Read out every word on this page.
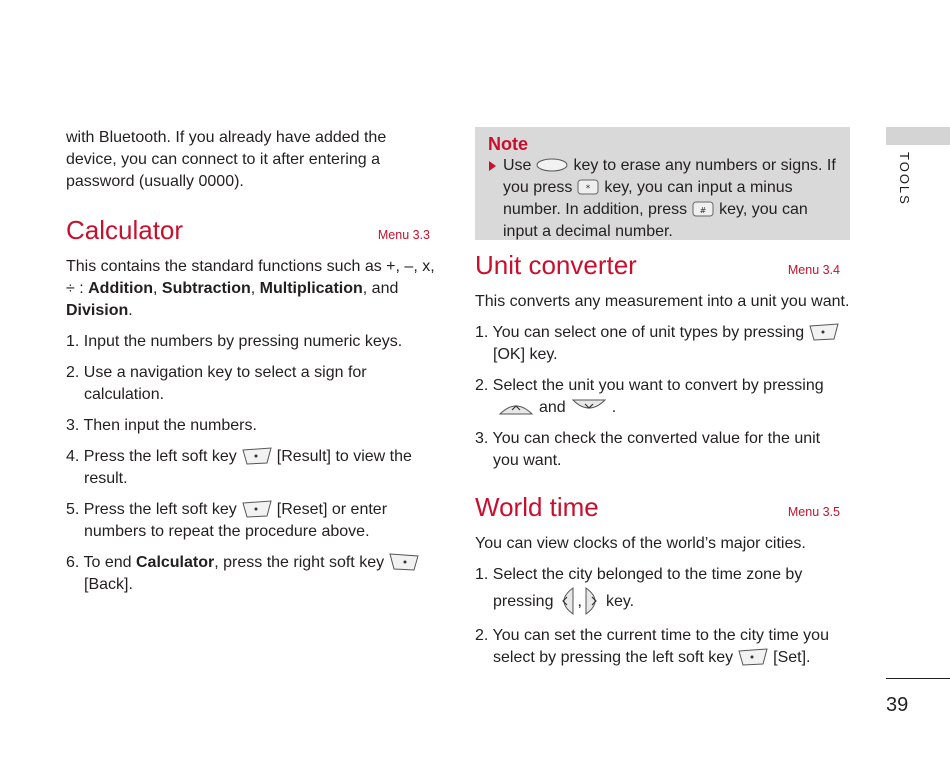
TOOLS
39

with Bluetooth. If you already have added the device, you can connect to it after entering a password (usually 0000).

Calculator	Menu 3.3

This contains the standard functions such as +, –, x, ÷ : Addition, Subtraction, Multiplication, and Division.

1. Input the numbers by pressing numeric keys.

2. Use a navigation key to select a sign for calculation.

3. Then input the numbers.

4. Press the left soft key	[Result] to view the result.

5. Press the left soft key	[Reset] or enter numbers to repeat the procedure above.

6. To end Calculator, press the right soft key
[Back].

Note
Use	key to erase any numbers or signs. If you press * key, you can input a minus number. In addition, press # key, you can input a decimal number.
Unit converter	Menu 3.4

This converts any measurement into a unit you want.

1. You can select one of unit types by pressing
[OK] key.

2. Select the unit you want to convert by pressing
and	.

3. You can check the converted value for the unit you want.

World time	Menu 3.5

You can view clocks of the world’s major cities.

1. Select the city belonged to the time zone by pressing , key.

2. You can set the current time to the city time you select by pressing the left soft key	[Set].
